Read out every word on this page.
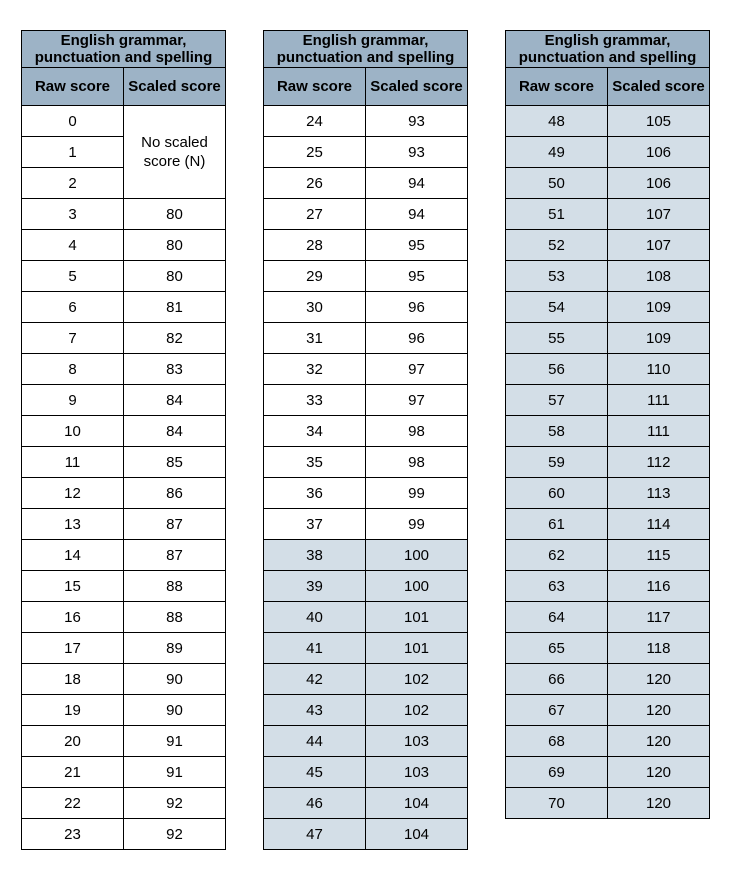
English grammar, punctuation and spelling	
Raw score	Scaled score
0	No scaled score (N)
1	
2	
3	80
4	80
5	80
6	81
7	82
8	83
9	84
10	84
11	85
12	86
13	87
14	87
15	88
16	88
17	89
18	90
19	90
20	91
21	91
22	92
23	92
English grammar, punctuation and spelling	
Raw score	Scaled score
24	93
25	93
26	94
27	94
28	95
29	95
30	96
31	96
32	97
33	97
34	98
35	98
36	99
37	99
38	100
39	100
40	101
41	101
42	102
43	102
44	103
45	103
46	104
47	104
English grammar, punctuation and spelling	
Raw score	Scaled score
48	105
49	106
50	106
51	107
52	107
53	108
54	109
55	109
56	110
57	111
58	111
59	112
60	113
61	114
62	115
63	116
64	117
65	118
66	120
67	120
68	120
69	120
70	120
